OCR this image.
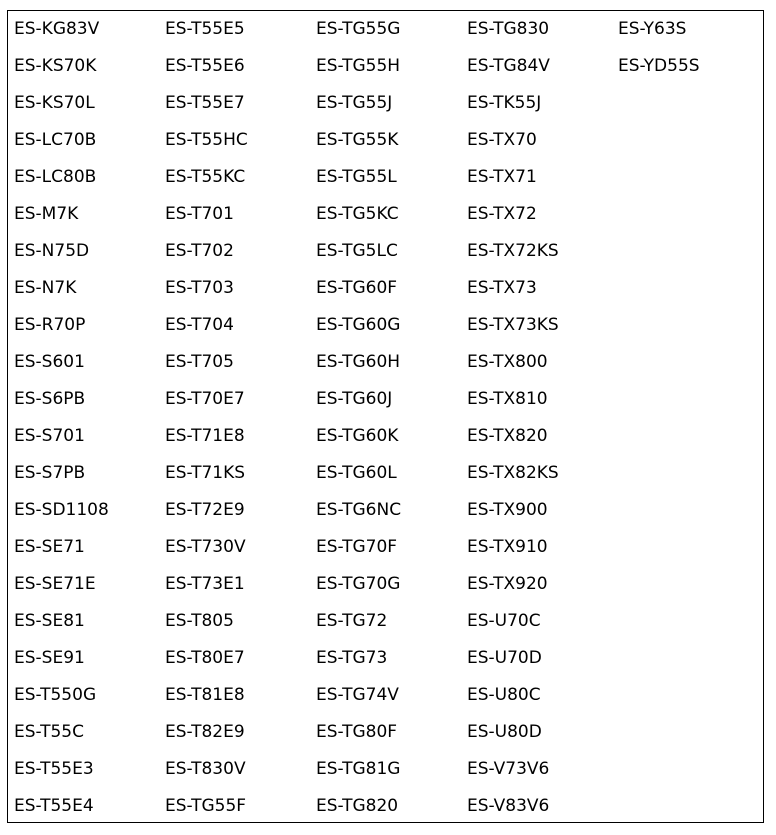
ES-KG83V
ES-KS70K
ES-KS70L
ES-LC70B
ES-LC80B
ES-M7K
ES-N75D
ES-N7K
ES-R70P
ES-S601
ES-S6PB
ES-S701
ES-S7PB
ES-SD1108
ES-SE71
ES-SE71E
ES-SE81
ES-SE91
ES-T550G
ES-T55C
ES-T55E3
ES-T55E4
ES-T55E5
ES-T55E6
ES-T55E7
ES-T55HC
ES-T55KC
ES-T701
ES-T702
ES-T703
ES-T704
ES-T705
ES-T70E7
ES-T71E8
ES-T71KS
ES-T72E9
ES-T730V
ES-T73E1
ES-T805
ES-T80E7
ES-T81E8
ES-T82E9
ES-T830V
ES-TG55F
ES-TG55G
ES-TG55H
ES-TG55J
ES-TG55K
ES-TG55L
ES-TG5KC
ES-TG5LC
ES-TG60F
ES-TG60G
ES-TG60H
ES-TG60J
ES-TG60K
ES-TG60L
ES-TG6NC
ES-TG70F
ES-TG70G
ES-TG72
ES-TG73
ES-TG74V
ES-TG80F
ES-TG81G
ES-TG820
ES-TG830
ES-TG84V
ES-TK55J
ES-TX70
ES-TX71
ES-TX72
ES-TX72KS
ES-TX73
ES-TX73KS
ES-TX800
ES-TX810
ES-TX820
ES-TX82KS
ES-TX900
ES-TX910
ES-TX920
ES-U70C
ES-U70D
ES-U80C
ES-U80D
ES-V73V6
ES-V83V6
ES-Y63S
ES-YD55S
